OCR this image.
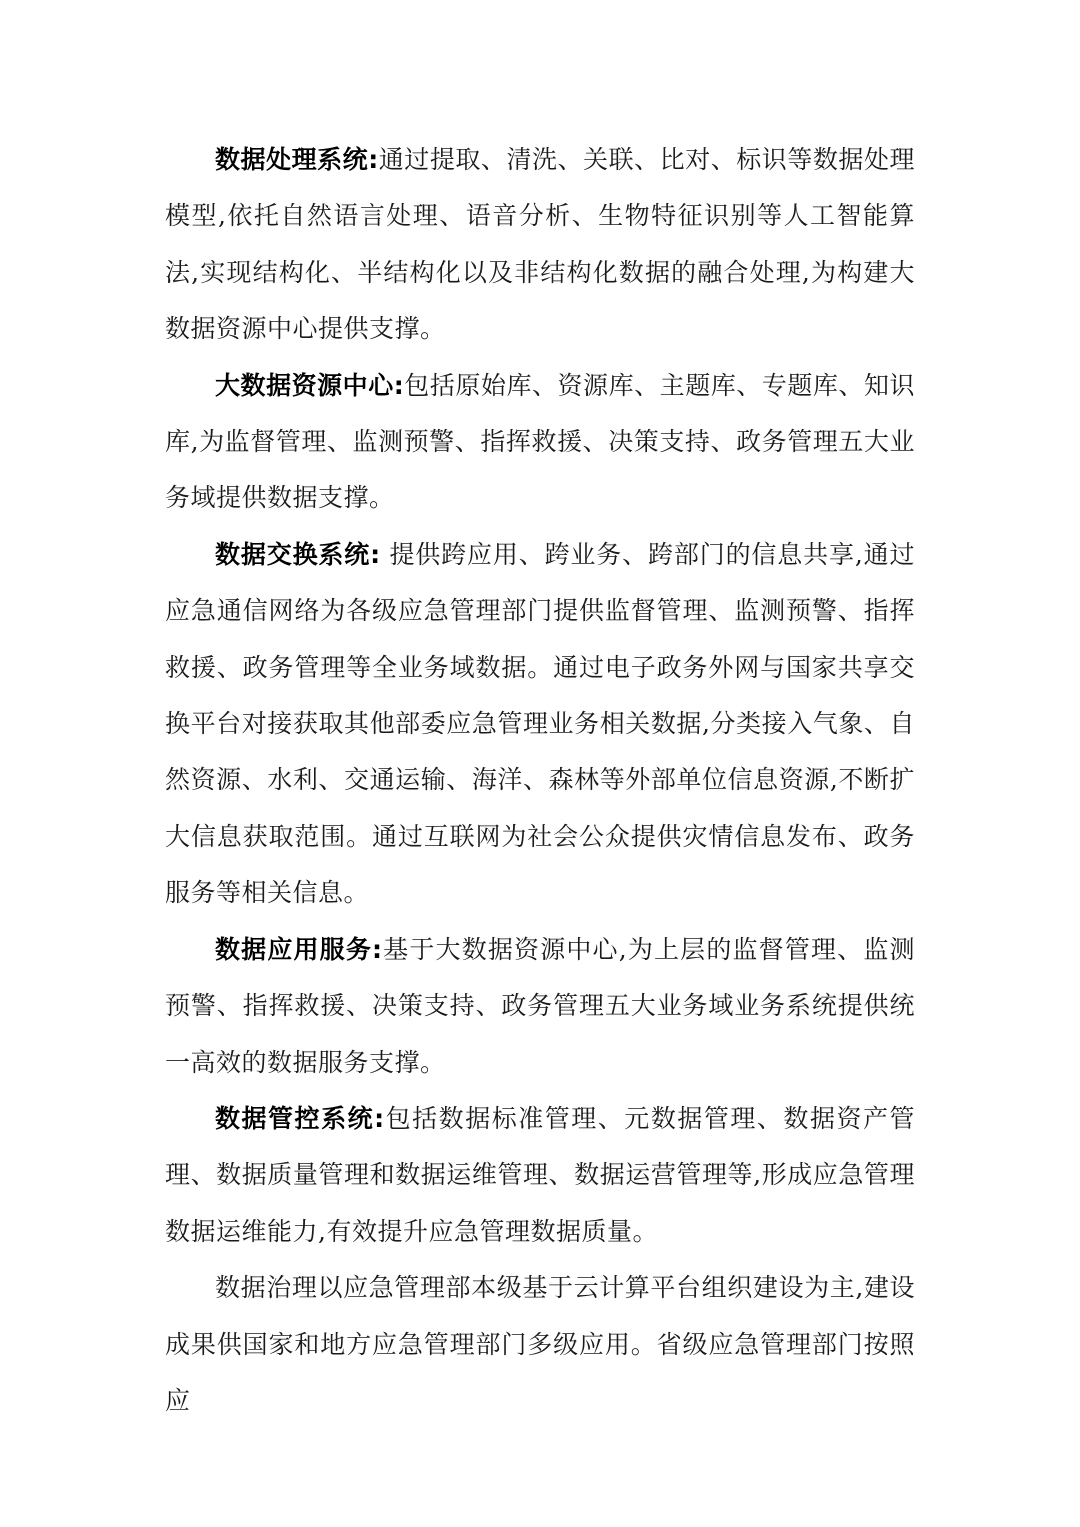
数据处理系统:通过提取、清洗、关联、比对、标识等数据处理模型,依托自然语言处理、语音分析、生物特征识别等人工智能算法,实现结构化、半结构化以及非结构化数据的融合处理,为构建大数据资源中心提供支撑。

大数据资源中心:包括原始库、资源库、主题库、专题库、知识库,为监督管理、监测预警、指挥救援、决策支持、政务管理五大业务域提供数据支撑。

数据交换系统: 提供跨应用、跨业务、跨部门的信息共享,通过应急通信网络为各级应急管理部门提供监督管理、监测预警、指挥救援、政务管理等全业务域数据。通过电子政务外网与国家共享交换平台对接获取其他部委应急管理业务相关数据,分类接入气象、自然资源、水利、交通运输、海洋、森林等外部单位信息资源,不断扩大信息获取范围。通过互联网为社会公众提供灾情信息发布、政务服务等相关信息。

数据应用服务:基于大数据资源中心,为上层的监督管理、监测预警、指挥救援、决策支持、政务管理五大业务域业务系统提供统一高效的数据服务支撑。

数据管控系统:包括数据标准管理、元数据管理、数据资产管理、数据质量管理和数据运维管理、数据运营管理等,形成应急管理数据运维能力,有效提升应急管理数据质量。

数据治理以应急管理部本级基于云计算平台组织建设为主,建设成果供国家和地方应急管理部门多级应用。省级应急管理部门按照应
